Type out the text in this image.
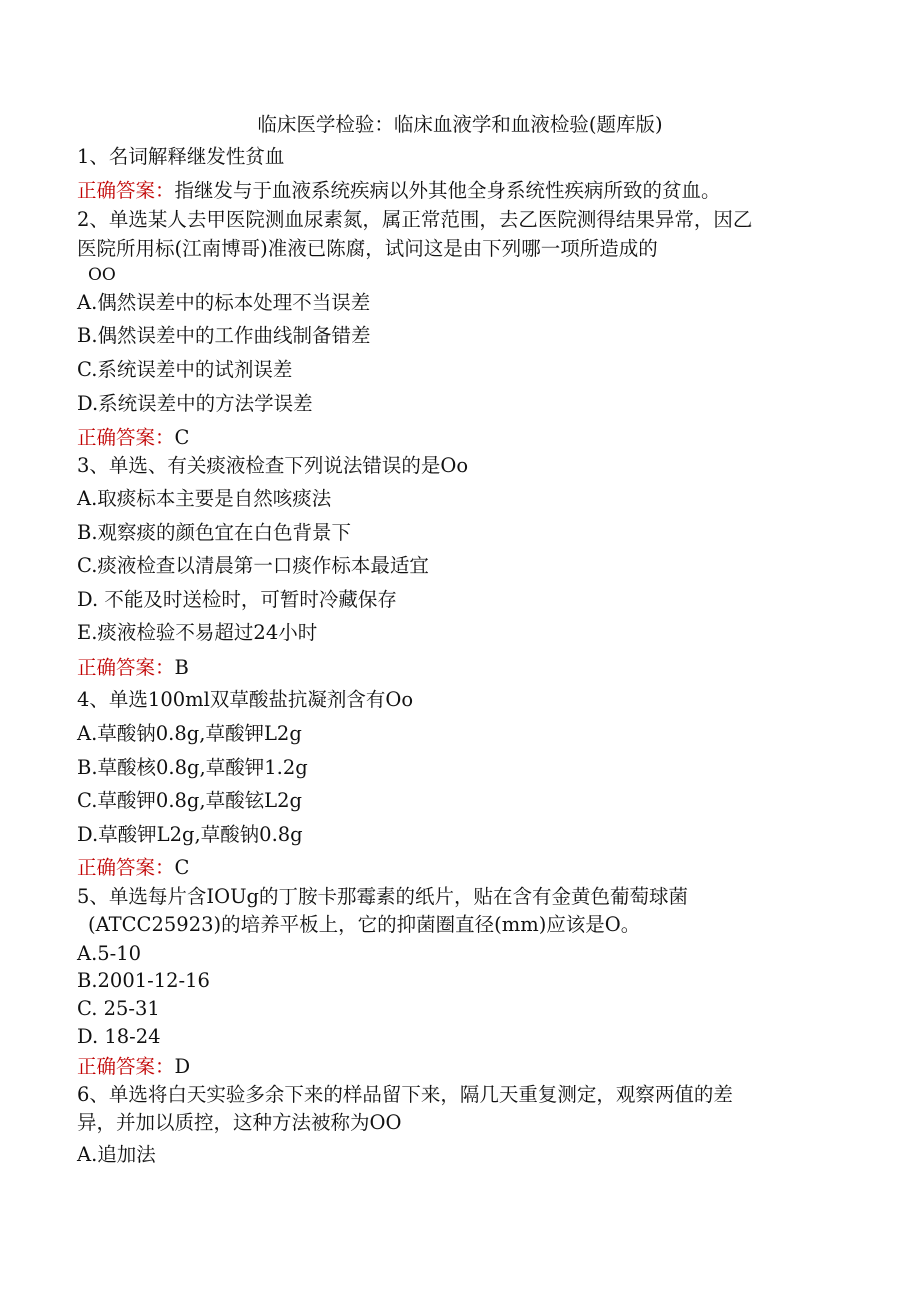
临床医学检验：临床血液学和血液检验(题库版)
1、名词解释继发性贫血
正确答案：指继发与于血液系统疾病以外其他全身系统性疾病所致的贫血。
2、单选某人去甲医院测血尿素氮，属正常范围，去乙医院测得结果异常，因乙
医院所用标(江南博哥)准液已陈腐，试问这是由下列哪一项所造成的
OO
A.偶然误差中的标本处理不当误差
B.偶然误差中的工作曲线制备错差
C.系统误差中的试剂误差
D.系统误差中的方法学误差
正确答案：C
3、单选、有关痰液检查下列说法错误的是Oo
A.取痰标本主要是自然咳痰法
B.观察痰的颜色宜在白色背景下
C.痰液检查以清晨第一口痰作标本最适宜
D. 不能及时送检时，可暂时冷藏保存
E.痰液检验不易超过24小时
正确答案：B
4、单选100ml双草酸盐抗凝剂含有Oo
A.草酸钠0.8g,草酸钾L2g
B.草酸核0.8g,草酸钾1.2g
C.草酸钾0.8g,草酸铉L2g
D.草酸钾L2g,草酸钠0.8g
正确答案：C
5、单选每片含IOUg的丁胺卡那霉素的纸片，贴在含有金黄色葡萄球菌
(ATCC25923)的培养平板上，它的抑菌圈直径(mm)应该是O。
A.5-10
B.2001-12-16
C. 25-31
D. 18-24
正确答案：D
6、单选将白天实验多余下来的样品留下来，隔几天重复测定，观察两值的差
异，并加以质控，这种方法被称为OO
A.追加法
